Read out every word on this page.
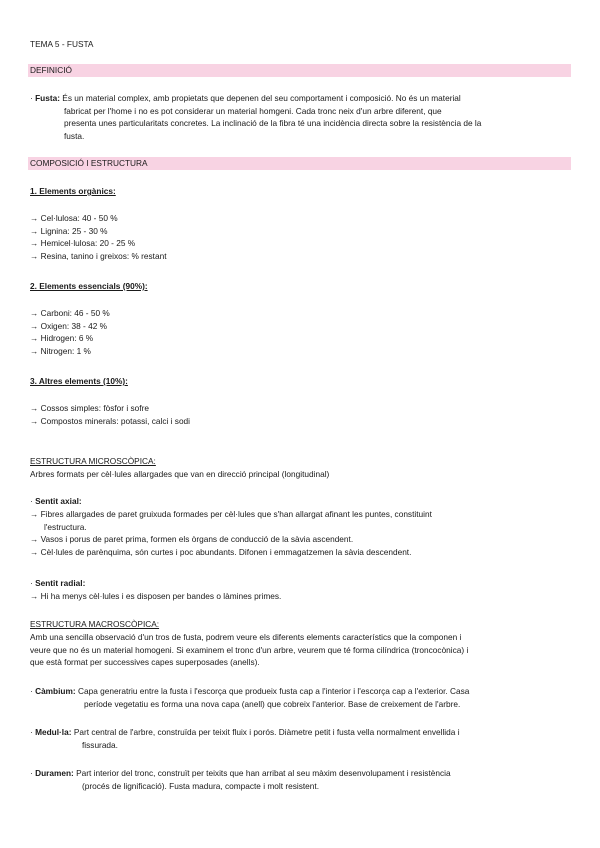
TEMA 5 - FUSTA
DEFINICIÓ
· Fusta: És un material complex, amb propietats que depenen del seu comportament i composició. No és un material
fabricat per l'home i no es pot considerar un material homgeni. Cada tronc neix d'un arbre diferent, que
presenta unes particularitats concretes. La inclinació de la fibra té una incidència directa sobre la resistència de la
fusta.
COMPOSICIÓ I ESTRUCTURA
1. Elements orgànics:
→ Cel·lulosa: 40 - 50 %
→ Lignina: 25 - 30 %
→ Hemicel·lulosa: 20 - 25 %
→ Resina, tanino i greixos: % restant
2. Elements essencials (90%):
→ Carboni: 46 - 50 %
→ Oxigen: 38 - 42 %
→ Hidrogen: 6 %
→ Nitrogen: 1 %
3. Altres elements (10%):
→ Cossos simples: fòsfor i sofre
→ Compostos minerals: potassi, calci i sodi
ESTRUCTURA MICROSCÒPICA:
Arbres formats per cèl·lules allargades que van en direcció principal (longitudinal)
· Sentit axial:
→ Fibres allargades de paret gruixuda formades per cèl·lules que s'han allargat afinant les puntes, constituint
l'estructura.
→ Vasos i porus de paret prima, formen els òrgans de conducció de la sàvia ascendent.
→ Cèl·lules de parènquima, són curtes i poc abundants. Difonen i emmagatzemen la sàvia descendent.
· Sentit radial:
→ Hi ha menys cèl·lules i es disposen per bandes o làmines primes.
ESTRUCTURA MACROSCÒPICA:
Amb una sencilla observació d'un tros de fusta, podrem veure els diferents elements característics que la componen i
veure que no és un material homogeni. Si examinem el tronc d'un arbre, veurem que té forma cilíndrica (troncocònica) i
que està format per successives capes superposades (anells).
· Càmbium: Capa generatriu entre la fusta i l'escorça que produeix fusta cap a l'interior i l'escorça cap a l'exterior. Casa
període vegetatiu es forma una nova capa (anell) que cobreix l'anterior. Base de creixement de l'arbre.
· Medul·la: Part central de l'arbre, construïda per teixit fluix i porós. Diàmetre petit i fusta vella normalment envellida i
fissurada.
· Duramen: Part interior del tronc, construït per teixits que han arribat al seu màxim desenvolupament i resistència
(procés de lignificació). Fusta madura, compacte i molt resistent.
